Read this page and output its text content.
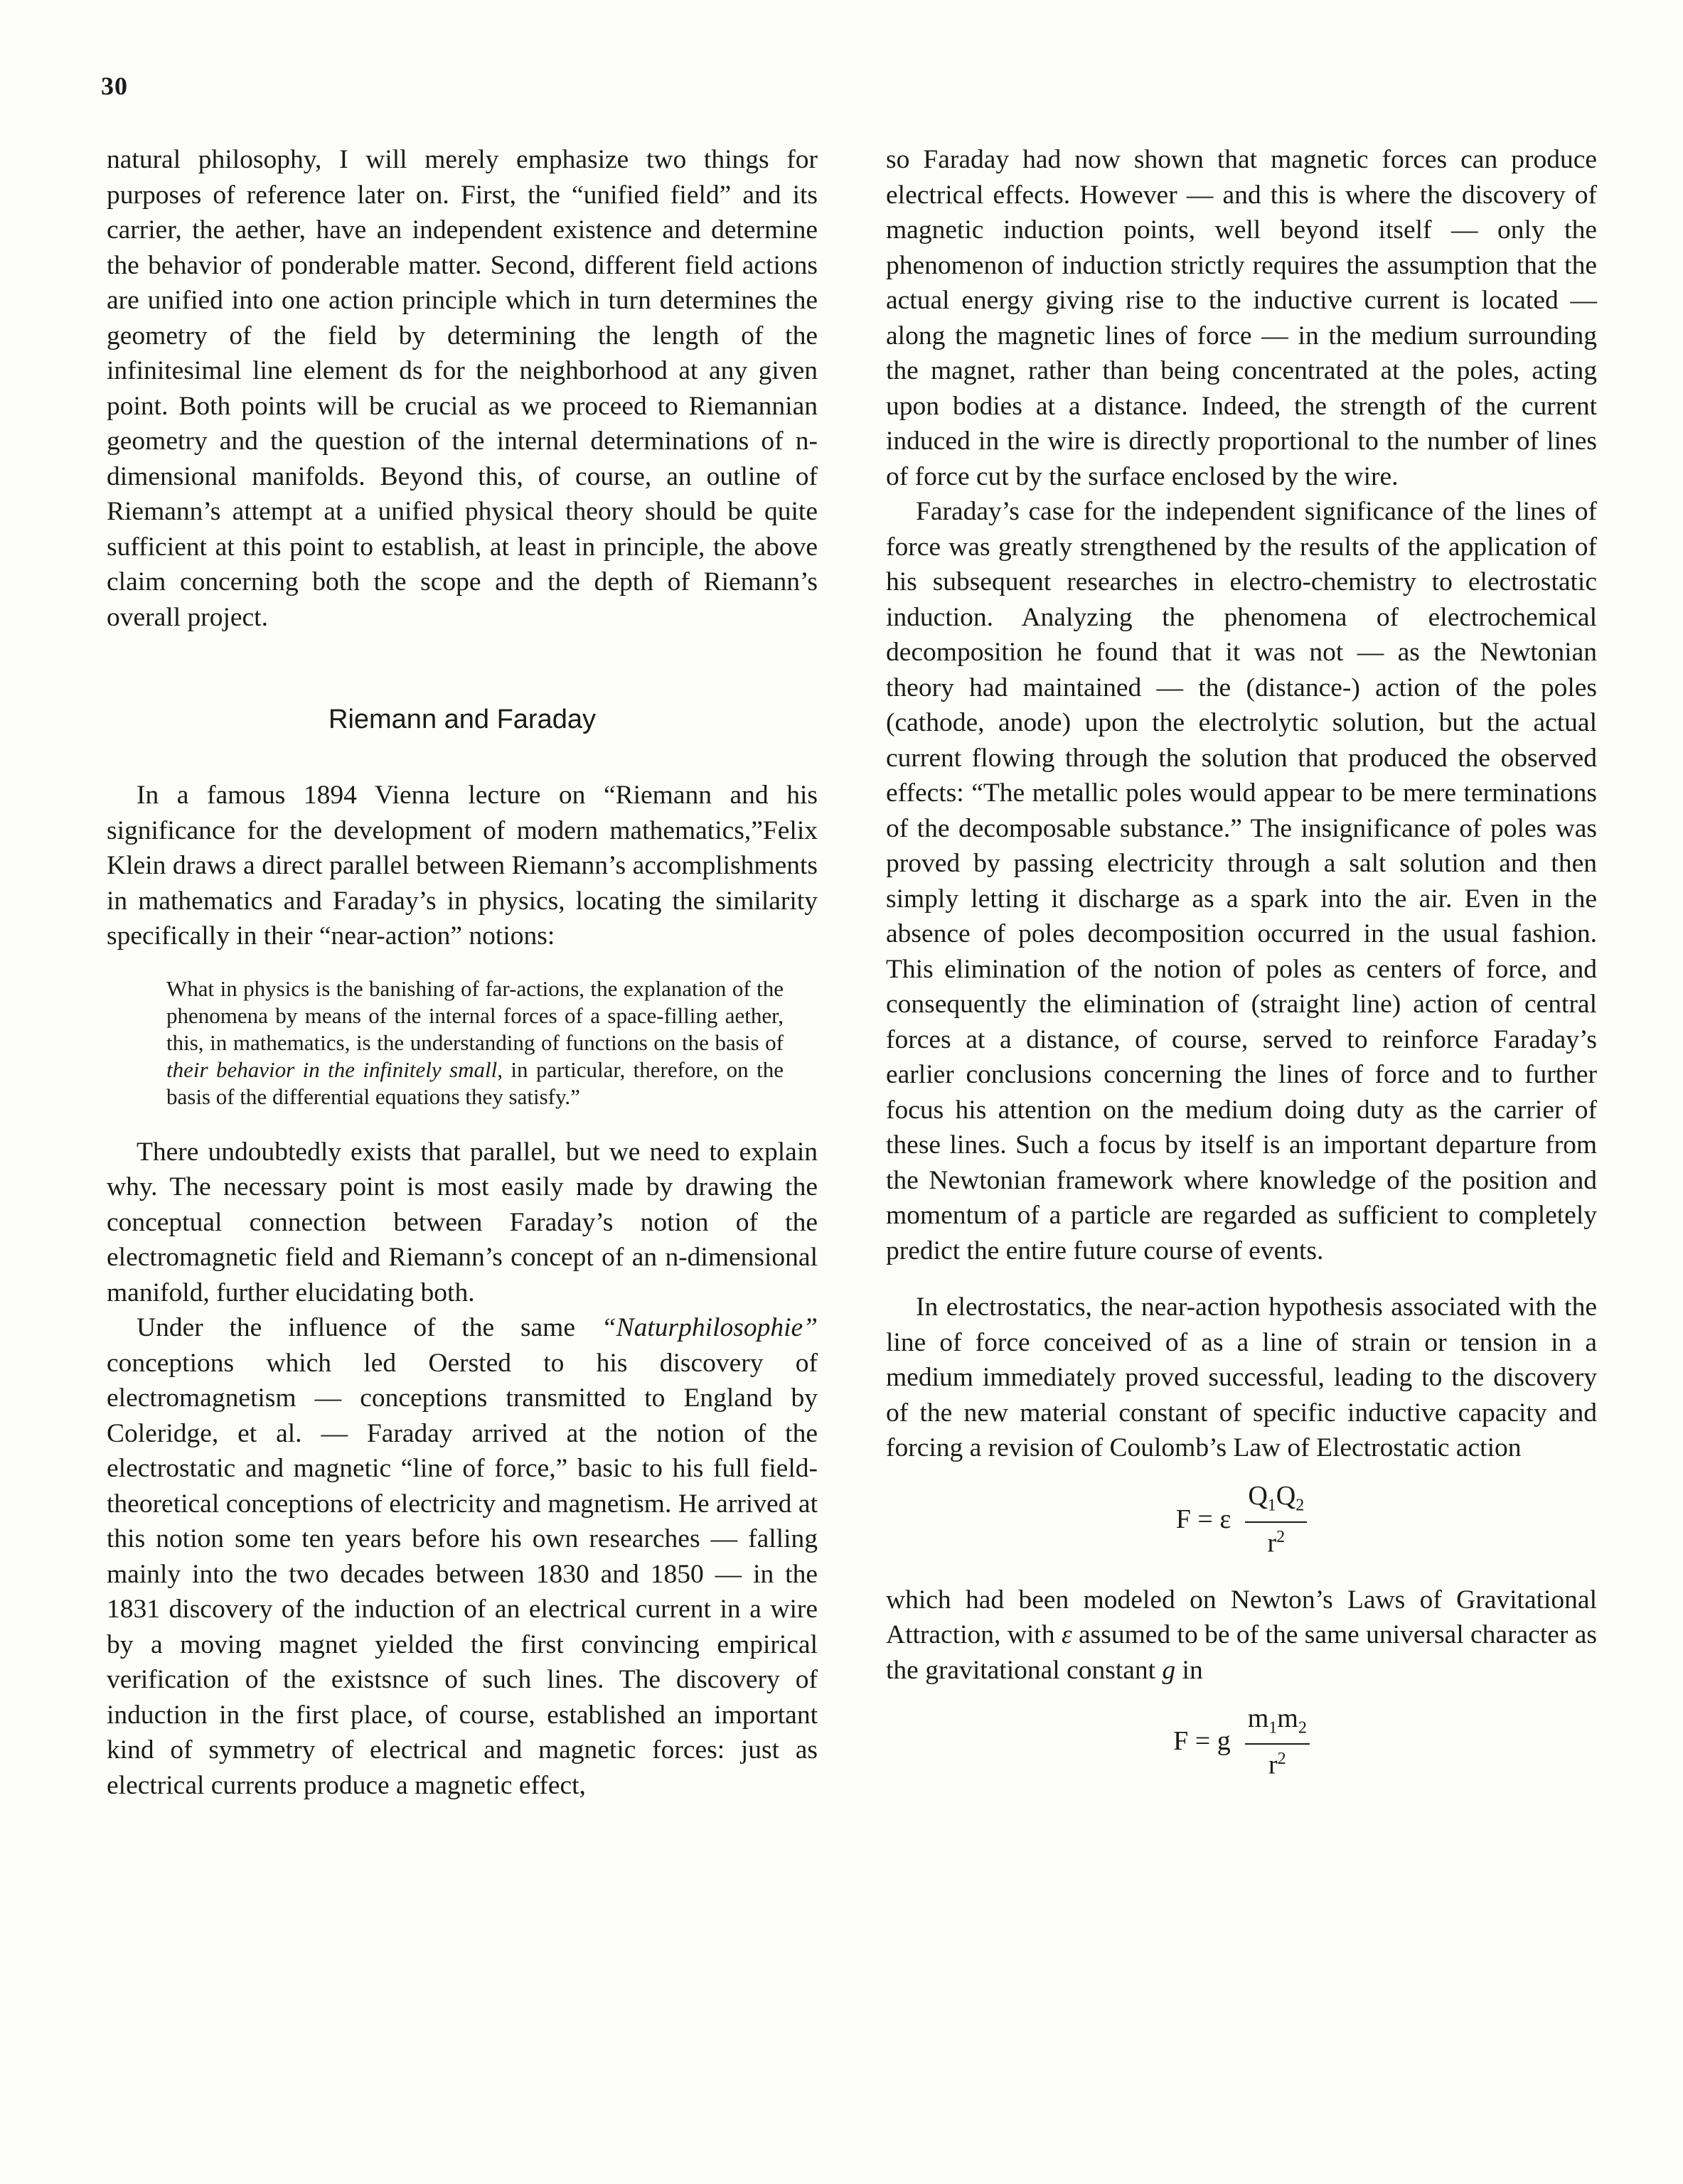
30

natural philosophy, I will merely emphasize two things for purposes of reference later on. First, the “unified field” and its carrier, the aether, have an independent existence and determine the behavior of ponderable matter. Second, different field actions are unified into one action principle which in turn determines the geometry of the field by determining the length of the infinitesimal line element ds for the neighborhood at any given point. Both points will be crucial as we proceed to Riemannian geometry and the question of the internal determinations of n-dimensional manifolds. Beyond this, of course, an outline of Riemann’s attempt at a unified physical theory should be quite sufficient at this point to establish, at least in principle, the above claim concerning both the scope and the depth of Riemann’s overall project.

Riemann and Faraday

In a famous 1894 Vienna lecture on “Riemann and his significance for the development of modern mathematics,”Felix Klein draws a direct parallel between Riemann’s accomplishments in mathematics and Faraday’s in physics, locating the similarity specifically in their “near-action” notions:

What in physics is the banishing of far-actions, the explanation of the phenomena by means of the internal forces of a space-filling aether, this, in mathematics, is the understanding of functions on the basis of their behavior in the infinitely small, in particular, therefore, on the basis of the differential equations they satisfy.”

There undoubtedly exists that parallel, but we need to explain why. The necessary point is most easily made by drawing the conceptual connection between Faraday’s notion of the electromagnetic field and Riemann’s concept of an n-dimensional manifold, further elucidating both.

Under the influence of the same “Naturphilosophie” conceptions which led Oersted to his discovery of electromagnetism — conceptions transmitted to England by Coleridge, et al. — Faraday arrived at the notion of the electrostatic and magnetic “line of force,” basic to his full field-theoretical conceptions of electricity and magnetism. He arrived at this notion some ten years before his own researches — falling mainly into the two decades between 1830 and 1850 — in the 1831 discovery of the induction of an electrical current in a wire by a moving magnet yielded the first convincing empirical verification of the existsnce of such lines. The discovery of induction in the first place, of course, established an important kind of symmetry of electrical and magnetic forces: just as electrical currents produce a magnetic effect,

so Faraday had now shown that magnetic forces can produce electrical effects. However — and this is where the discovery of magnetic induction points, well beyond itself — only the phenomenon of induction strictly requires the assumption that the actual energy giving rise to the inductive current is located — along the magnetic lines of force — in the medium surrounding the magnet, rather than being concentrated at the poles, acting upon bodies at a distance. Indeed, the strength of the current induced in the wire is directly proportional to the number of lines of force cut by the surface enclosed by the wire.

Faraday’s case for the independent significance of the lines of force was greatly strengthened by the results of the application of his subsequent researches in electro-chemistry to electrostatic induction. Analyzing the phenomena of electrochemical decomposition he found that it was not — as the Newtonian theory had maintained — the (distance-) action of the poles (cathode, anode) upon the electrolytic solution, but the actual current flowing through the solution that produced the observed effects: “The metallic poles would appear to be mere terminations of the decomposable substance.” The insignificance of poles was proved by passing electricity through a salt solution and then simply letting it discharge as a spark into the air. Even in the absence of poles decomposition occurred in the usual fashion. This elimination of the notion of poles as centers of force, and consequently the elimination of (straight line) action of central forces at a distance, of course, served to reinforce Faraday’s earlier conclusions concerning the lines of force and to further focus his attention on the medium doing duty as the carrier of these lines. Such a focus by itself is an important departure from the Newtonian framework where knowledge of the position and momentum of a particle are regarded as sufficient to completely predict the entire future course of events.

In electrostatics, the near-action hypothesis associated with the line of force conceived of as a line of strain or tension in a medium immediately proved successful, leading to the discovery of the new material constant of specific inductive capacity and forcing a revision of Coulomb’s Law of Electrostatic action

F = ε $\frac{Q_1Q_2}{r^2}$

which had been modeled on Newton’s Laws of Gravitational Attraction, with ε assumed to be of the same universal character as the gravitational constant g in

F = g $\frac{m_1m_2}{r^2}$
